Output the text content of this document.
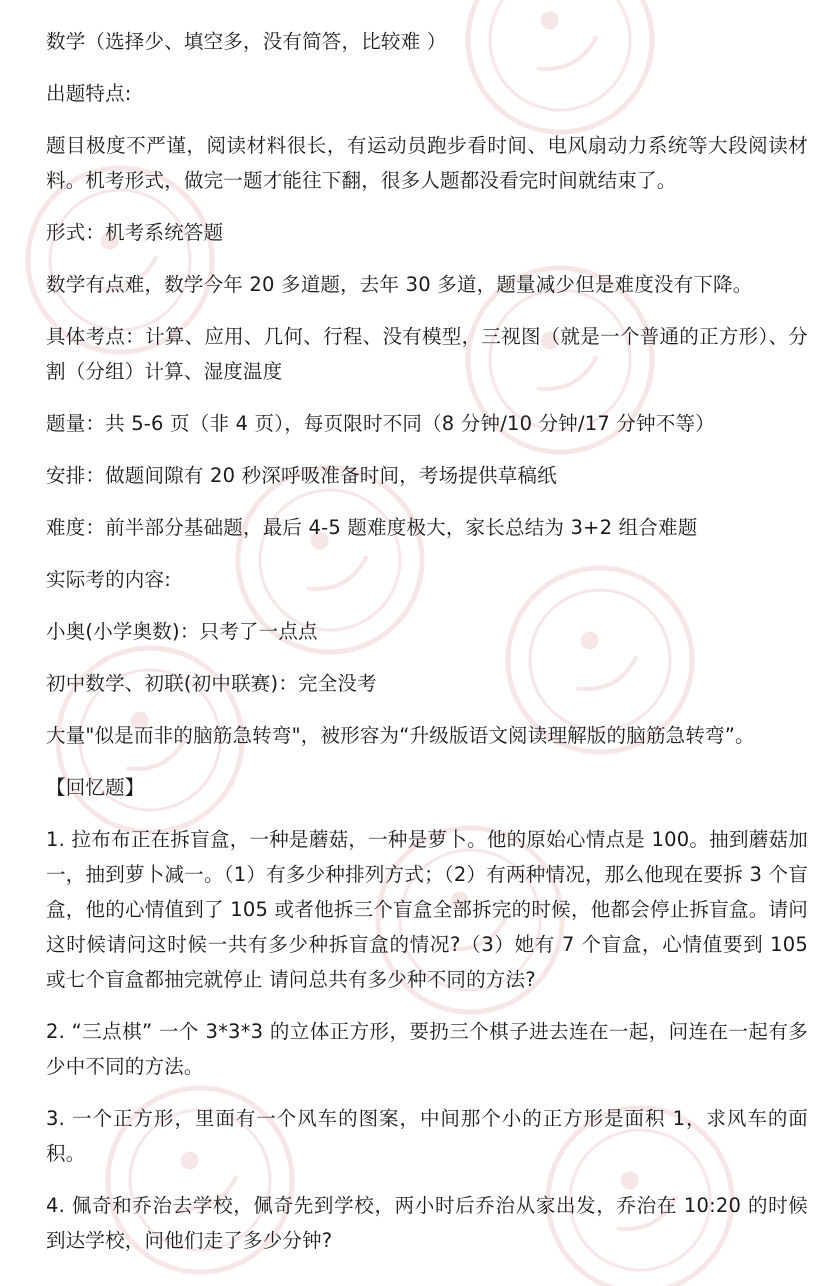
数学（选择少、填空多，没有简答，比较难 ）

出题特点:

题目极度不严谨，阅读材料很长，有运动员跑步看时间、电风扇动力系统等大段阅读材料。机考形式，做完一题才能往下翻，很多人题都没看完时间就结束了。

形式：机考系统答题

数学有点难，数学今年 20 多道题，去年 30 多道，题量减少但是难度没有下降。

具体考点：计算、应用、几何、行程、没有模型，三视图（就是一个普通的正方形）、分割（分组）计算、湿度温度

题量：共 5-6 页（非 4 页），每页限时不同（8 分钟/10 分钟/17 分钟不等）

安排：做题间隙有 20 秒深呼吸准备时间，考场提供草稿纸

难度：前半部分基础题，最后 4-5 题难度极大，家长总结为 3+2 组合难题

实际考的内容:

小奥(小学奥数)：只考了一点点

初中数学、初联(初中联赛)：完全没考

大量"似是而非的脑筋急转弯"，被形容为“升级版语文阅读理解版的脑筋急转弯”。

【回忆题】

1. 拉布布正在拆盲盒，一种是蘑菇，一种是萝卜。他的原始心情点是 100。抽到蘑菇加一，抽到萝卜减一。（1）有多少种排列方式；（2）有两种情况，那么他现在要拆 3 个盲盒，他的心情值到了 105 或者他拆三个盲盒全部拆完的时候，他都会停止拆盲盒。请问这时候请问这时候一共有多少种拆盲盒的情况?（3）她有 7 个盲盒，心情值要到 105 或七个盲盒都抽完就停止 请问总共有多少种不同的方法?

2. “三点棋” 一个 3*3*3 的立体正方形，要扔三个棋子进去连在一起，问连在一起有多少中不同的方法。

3. 一个正方形，里面有一个风车的图案，中间那个小的正方形是面积 1，求风车的面积。

4. 佩奇和乔治去学校，佩奇先到学校，两小时后乔治从家出发，乔治在 10:20 的时候到达学校，问他们走了多少分钟?
